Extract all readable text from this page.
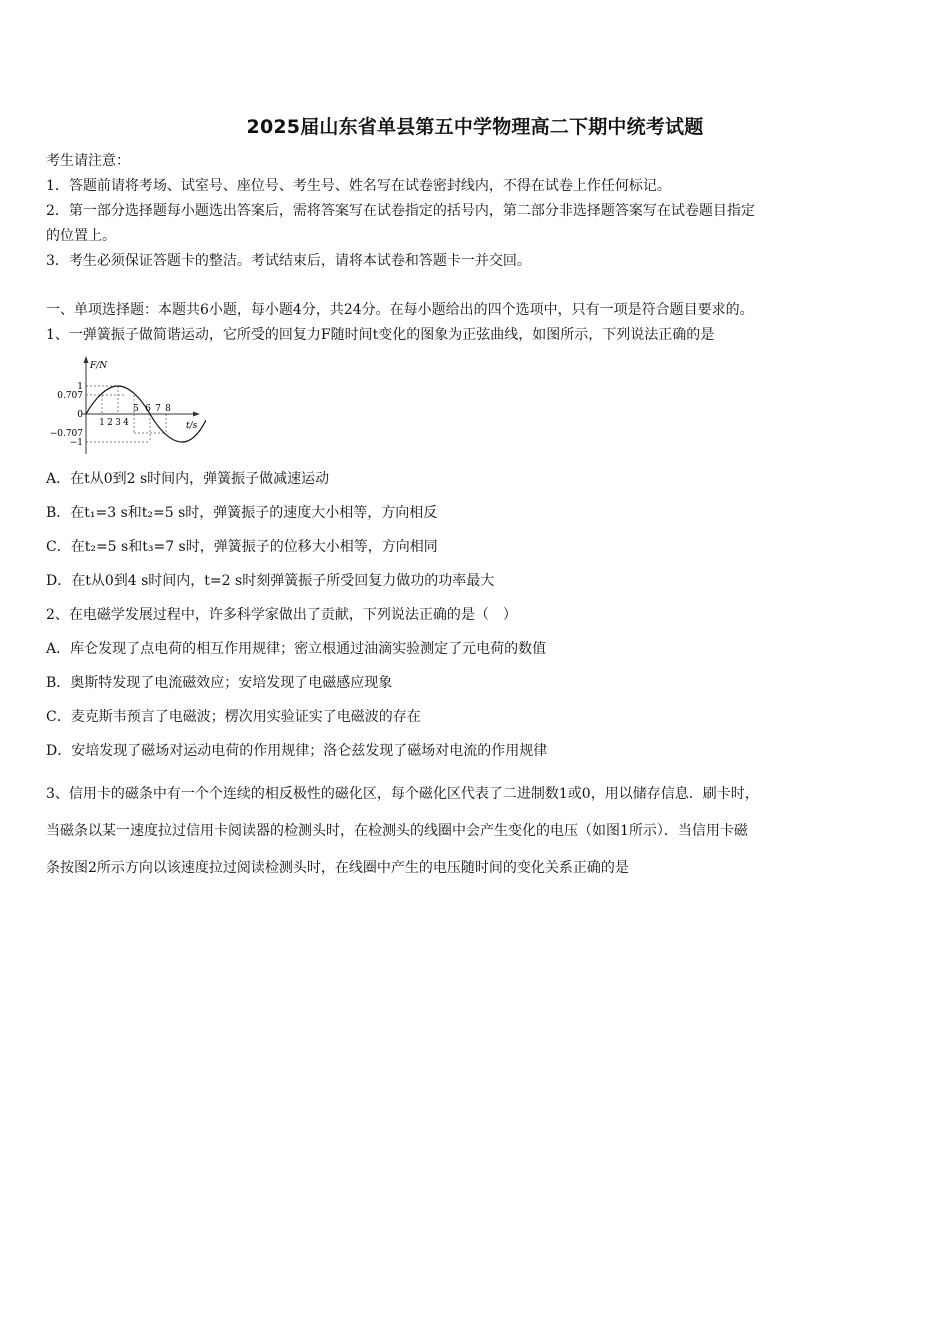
2025届山东省单县第五中学物理高二下期中统考试题
考生请注意：
1．答题前请将考场、试室号、座位号、考生号、姓名写在试卷密封线内，不得在试卷上作任何标记。
2．第一部分选择题每小题选出答案后，需将答案写在试卷指定的括号内，第二部分非选择题答案写在试卷题目指定
的位置上。
3．考生必须保证答题卡的整洁。考试结束后，请将本试卷和答题卡一并交回。
一、单项选择题：本题共6小题，每小题4分，共24分。在每小题给出的四个选项中，只有一项是符合题目要求的。
1、一弹簧振子做简谐运动，它所受的回复力F随时间t变化的图象为正弦曲线，如图所示，下列说法正确的是
F/N
t/s
1
0.707
0
−0.707
−1
1 2 3 4
5 6 7 8
A．在t从0到2 s时间内，弹簧振子做减速运动
B．在t₁=3 s和t₂=5 s时，弹簧振子的速度大小相等，方向相反
C．在t₂=5 s和t₃=7 s时，弹簧振子的位移大小相等，方向相同
D．在t从0到4 s时间内，t=2 s时刻弹簧振子所受回复力做功的功率最大
2、在电磁学发展过程中，许多科学家做出了贡献，下列说法正确的是（　）
A．库仑发现了点电荷的相互作用规律；密立根通过油滴实验测定了元电荷的数值
B．奥斯特发现了电流磁效应；安培发现了电磁感应现象
C．麦克斯韦预言了电磁波；楞次用实验证实了电磁波的存在
D．安培发现了磁场对运动电荷的作用规律；洛仑兹发现了磁场对电流的作用规律
3、信用卡的磁条中有一个个连续的相反极性的磁化区，每个磁化区代表了二进制数1或0，用以储存信息．刷卡时，
当磁条以某一速度拉过信用卡阅读器的检测头时，在检测头的线圈中会产生变化的电压（如图1所示）．当信用卡磁
条按图2所示方向以该速度拉过阅读检测头时，在线圈中产生的电压随时间的变化关系正确的是
